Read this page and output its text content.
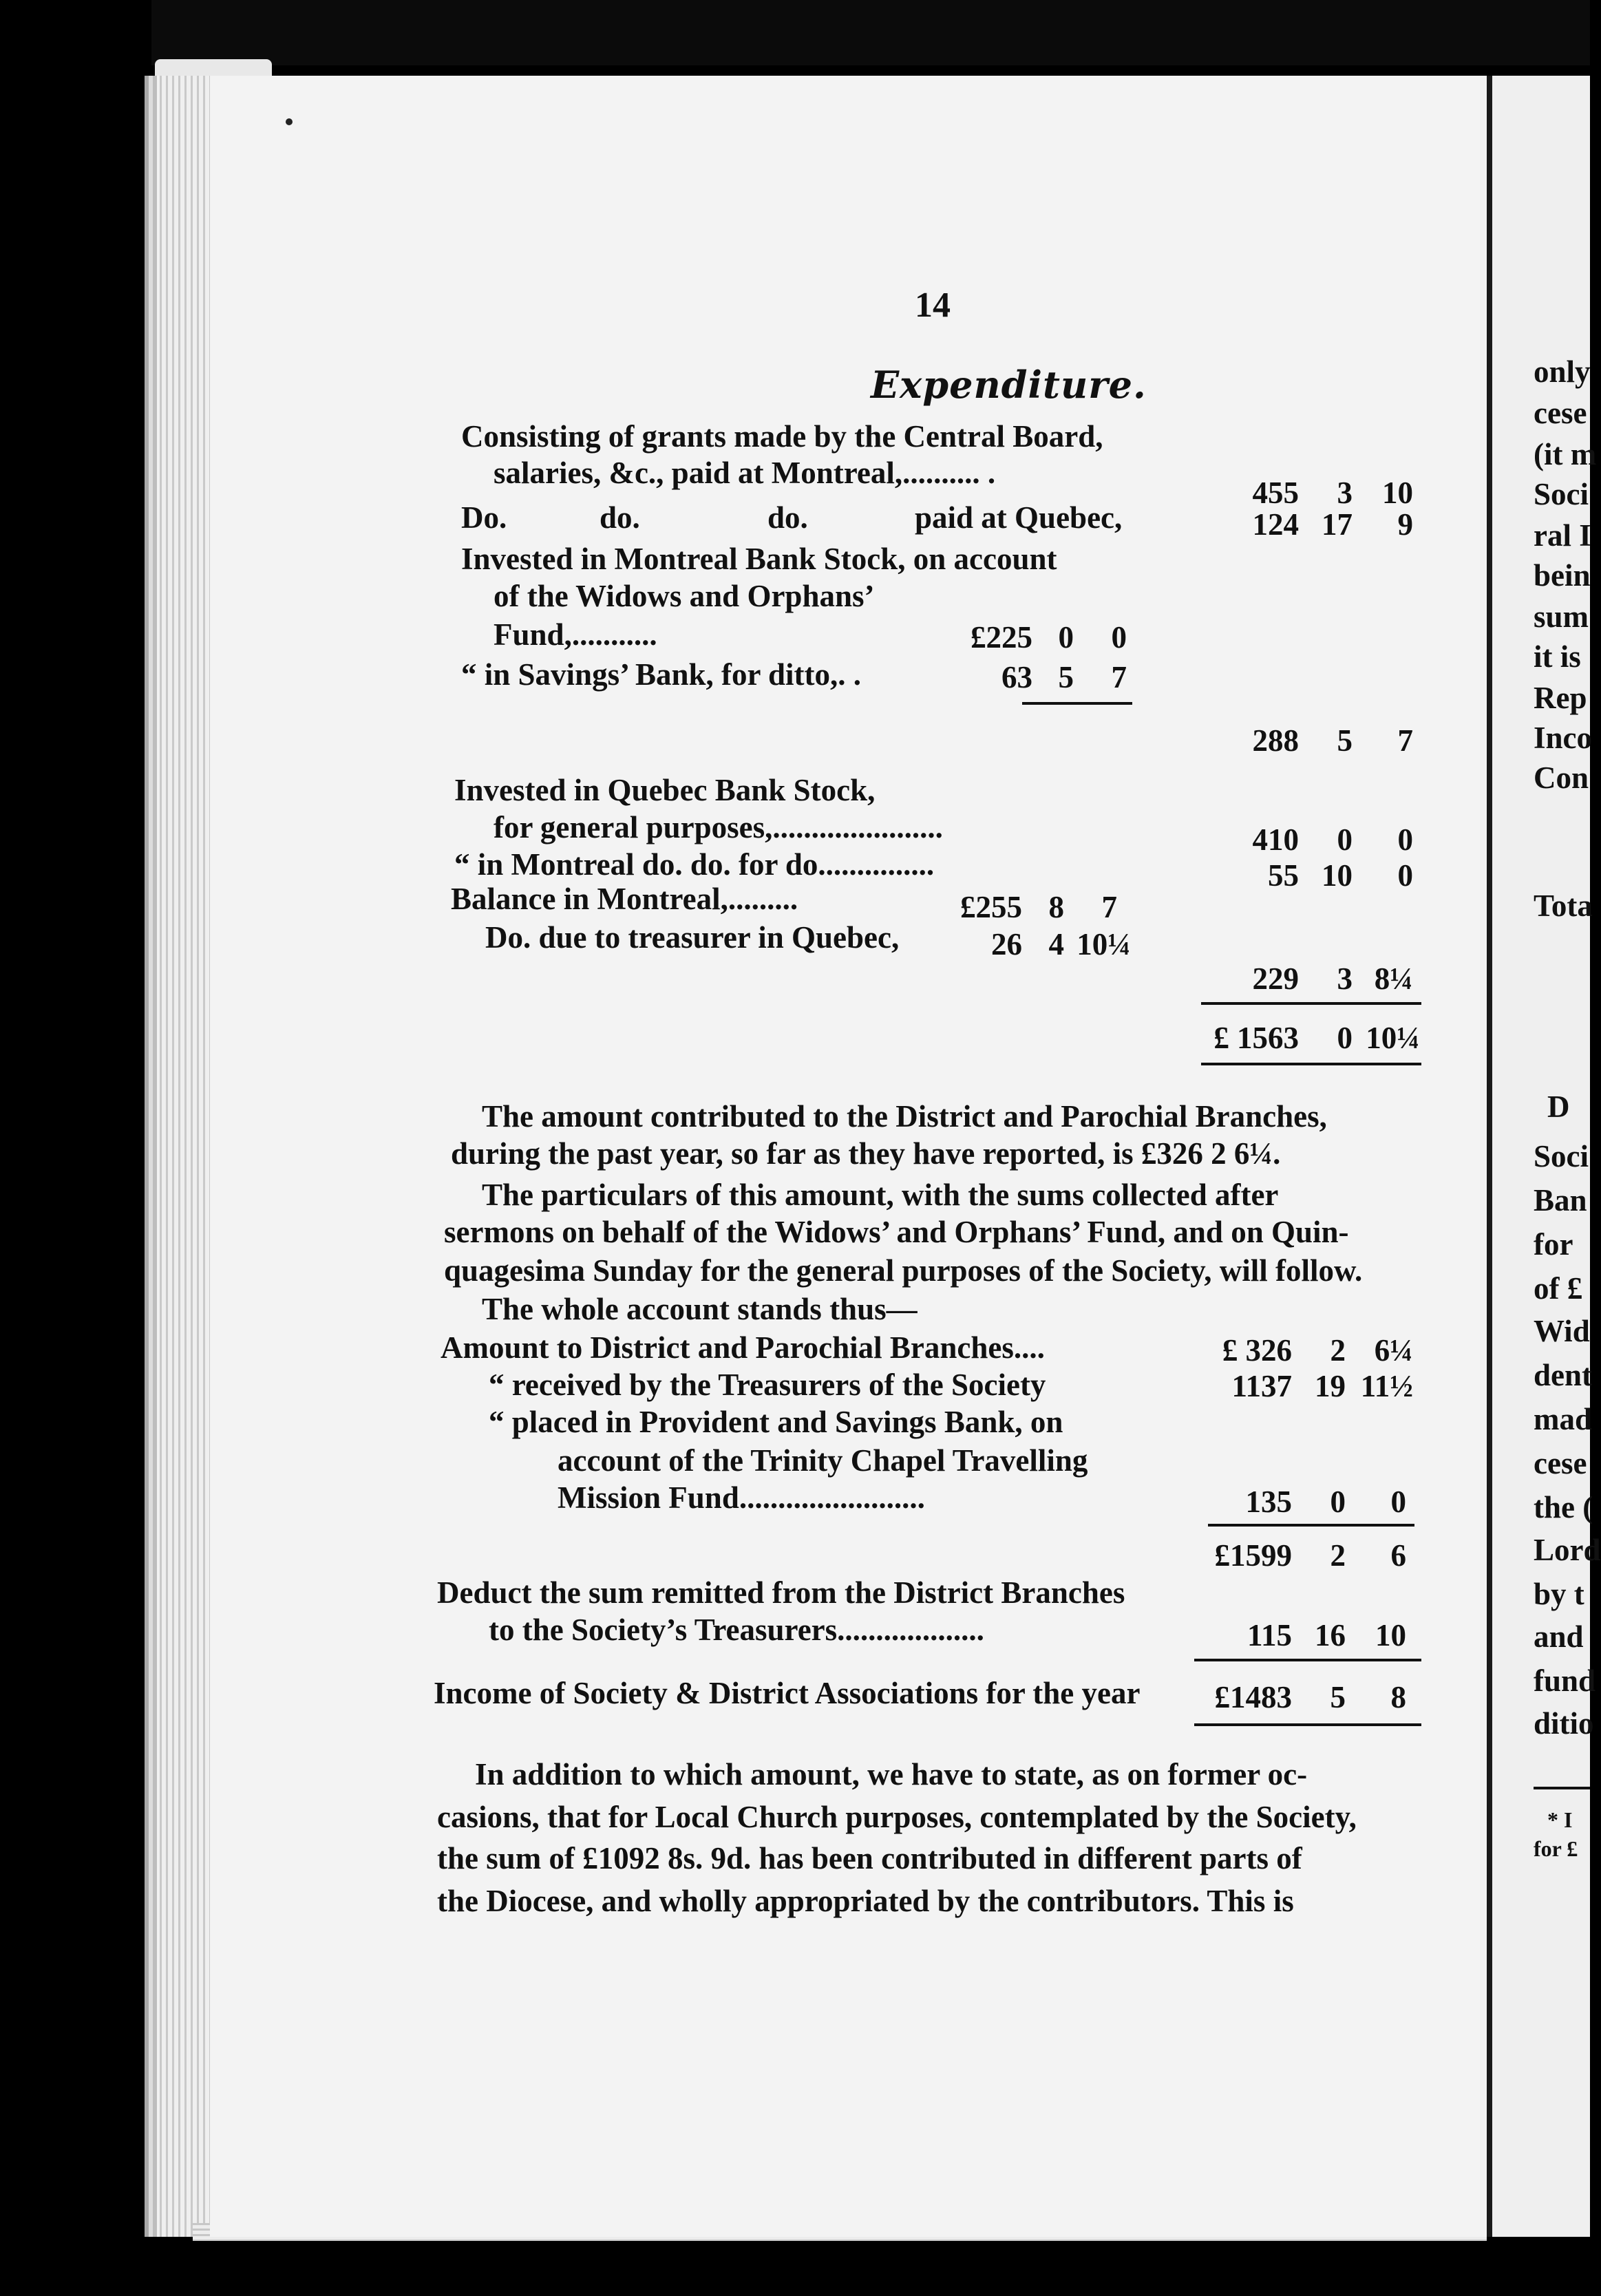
14
Expenditure.
Consisting of grants made by the Central Board,
salaries, &c., paid at Montreal,.......... .
455	3 10
Do.	do.	do.	paid at Quebec,	124 17	9
Invested in Montreal Bank Stock, on account
of the Widows and Orphans’
Fund,...........	£225 0	0
“ in Savings’ Bank, for ditto,. .	63 5	7
288	5	7
Invested in Quebec Bank Stock,
for general purposes,......................	410	0	0
“ in Montreal do. do. for do...............	55 10	0
Balance in Montreal,.........	£255 8	7
Do. due to treasurer in Quebec,	26 4 10¼
229	3 8¼
£ 1563	0 10¼
The amount contributed to the District and Parochial Branches,
during the past year, so far as they have reported, is £326 2 6¼.
The particulars of this amount, with the sums collected after
sermons on behalf of the Widows’ and Orphans’ Fund, and on Quin-
quagesima Sunday for the general purposes of the Society, will follow.
The whole account stands thus—
Amount to District and Parochial Branches....	£ 326	2 6¼
“ received by the Treasurers of the Society	1137 19 11½
“ placed in Provident and Savings Bank, on
account of the Trinity Chapel Travelling
Mission Fund........................	135	0	0
£1599	2	6
Deduct the sum remitted from the District Branches
to the Society’s Treasurers...................	115 16 10
Income of Society & District Associations for the year	£1483	5	8
In addition to which amount, we have to state, as on former oc-
casions, that for Local Church purposes, contemplated by the Society,
the sum of £1092 8s. 9d. has been contributed in different parts of
the Diocese, and wholly appropriated by the contributors. This is
only
cese
(it m
Soci
ral I
bein
sum
it is
Rep
Inco
Con
Tota
D
Soci
Ban
for
of £
Wid
dent
mad
cese
the (
Lord
by t
and
fund
ditio
* I
for £
